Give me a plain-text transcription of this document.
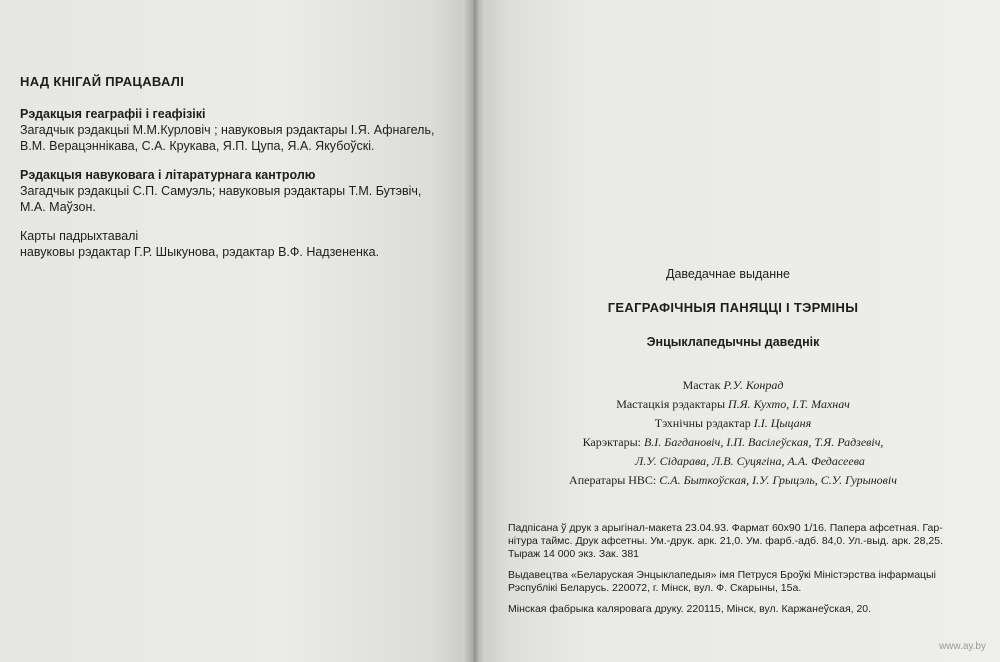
НАД КНІГАЙ ПРАЦАВАЛІ
Рэдакцыя геаграфіі і геафізікі
Загадчык рэдакцыі М.М.Курловіч ; навуковыя рэдактары І.Я. Афнагель,
В.М. Верацэннікава, С.А. Крукава, Я.П. Цупа, Я.А. Якубоўскі.
Рэдакцыя навуковага і літаратурнага кантролю
Загадчык рэдакцыі С.П. Самуэль; навуковыя рэдактары Т.М. Бутэвіч,
М.А. Маўзон.
Карты падрыхтавалі
навуковы рэдактар Г.Р. Шыкунова, рэдактар В.Ф. Надзененка.
Даведачнае выданне
ГЕАГРАФІЧНЫЯ ПАНЯЦЦІ І ТЭРМІНЫ
Энцыклапедычны даведнік
Мастак Р.У. Конрад
Мастацкія рэдактары П.Я. Кухто, І.Т. Махнач
Тэхнічны рэдактар І.І. Цыцаня
Карэктары: В.І. Багдановіч, І.П. Васілеўская, Т.Я. Радзевіч,
Л.У. Сідарава, Л.В. Суцягіна, А.А. Федасеева
Аператары НВС: С.А. Быткоўская, І.У. Грыцэль, С.У. Гурыновіч
Падпісана ў друк з арыгінал-макета 23.04.93. Фармат 60x90 1/16. Папера афсетная. Гар-
нітура таймс. Друк афсетны. Ум.-друк. арк. 21,0. Ум. фарб.-адб. 84,0. Ул.-выд. арк. 28,25.
Тыраж 14 000 экз. Зак. 381
Выдавецтва «Беларуская Энцыклапедыя» імя Петруся Броўкі Міністэрства інфармацыі
Рэспублікі Беларусь. 220072, г. Мінск, вул. Ф. Скарыны, 15а.
Мінская фабрыка каляровага друку. 220115, Мінск, вул. Каржанеўская, 20.
www.ay.by
